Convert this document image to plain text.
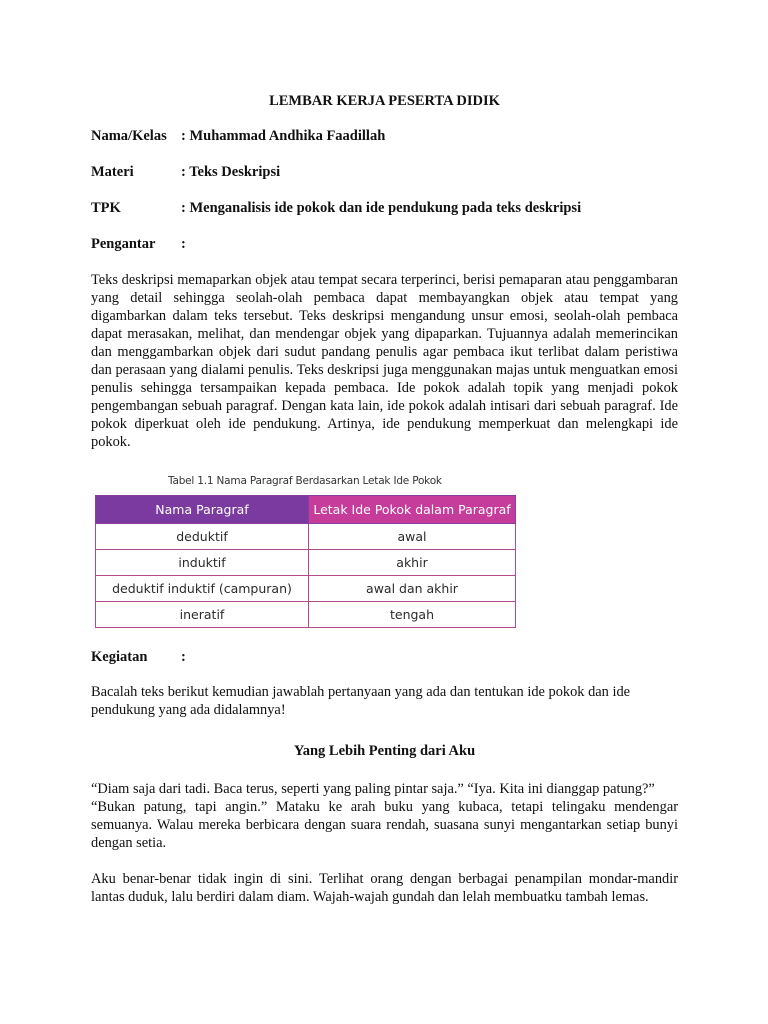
LEMBAR KERJA PESERTA DIDIK

Nama/Kelas : Muhammad Andhika Faadillah
Materi	: Teks Deskripsi
TPK	: Menganalisis ide pokok dan ide pendukung pada teks deskripsi
Pengantar	:

Teks deskripsi memaparkan objek atau tempat secara terperinci, berisi pemaparan atau penggambaran yang detail sehingga seolah-olah pembaca dapat membayangkan objek atau tempat yang digambarkan dalam teks tersebut. Teks deskripsi mengandung unsur emosi, seolah-olah pembaca dapat merasakan, melihat, dan mendengar objek yang dipaparkan. Tujuannya adalah memerincikan dan menggambarkan objek dari sudut pandang penulis agar pembaca ikut terlibat dalam peristiwa dan perasaan yang dialami penulis. Teks deskripsi juga menggunakan majas untuk menguatkan emosi penulis sehingga tersampaikan kepada pembaca. Ide pokok adalah topik yang menjadi pokok pengembangan sebuah paragraf. Dengan kata lain, ide pokok adalah intisari dari sebuah paragraf. Ide pokok diperkuat oleh ide pendukung. Artinya, ide pendukung memperkuat dan melengkapi ide pokok.

Tabel 1.1 Nama Paragraf Berdasarkan Letak Ide Pokok
Nama Paragraf	Letak Ide Pokok dalam Paragraf
deduktif	awal
induktif	akhir
deduktif induktif (campuran)	awal dan akhir
ineratif	tengah
Kegiatan	:

Bacalah teks berikut kemudian jawablah pertanyaan yang ada dan tentukan ide pokok dan ide pendukung yang ada didalamnya!

Yang Lebih Penting dari Aku

“Diam saja dari tadi. Baca terus, seperti yang paling pintar saja.” “Iya. Kita ini dianggap patung?”

“Bukan patung, tapi angin.” Mataku ke arah buku yang kubaca, tetapi telingaku mendengar semuanya. Walau mereka berbicara dengan suara rendah, suasana sunyi mengantarkan setiap bunyi dengan setia.

Aku benar-benar tidak ingin di sini. Terlihat orang dengan berbagai penampilan mondar-mandir lantas duduk, lalu berdiri dalam diam. Wajah-wajah gundah dan lelah membuatku tambah lemas.
